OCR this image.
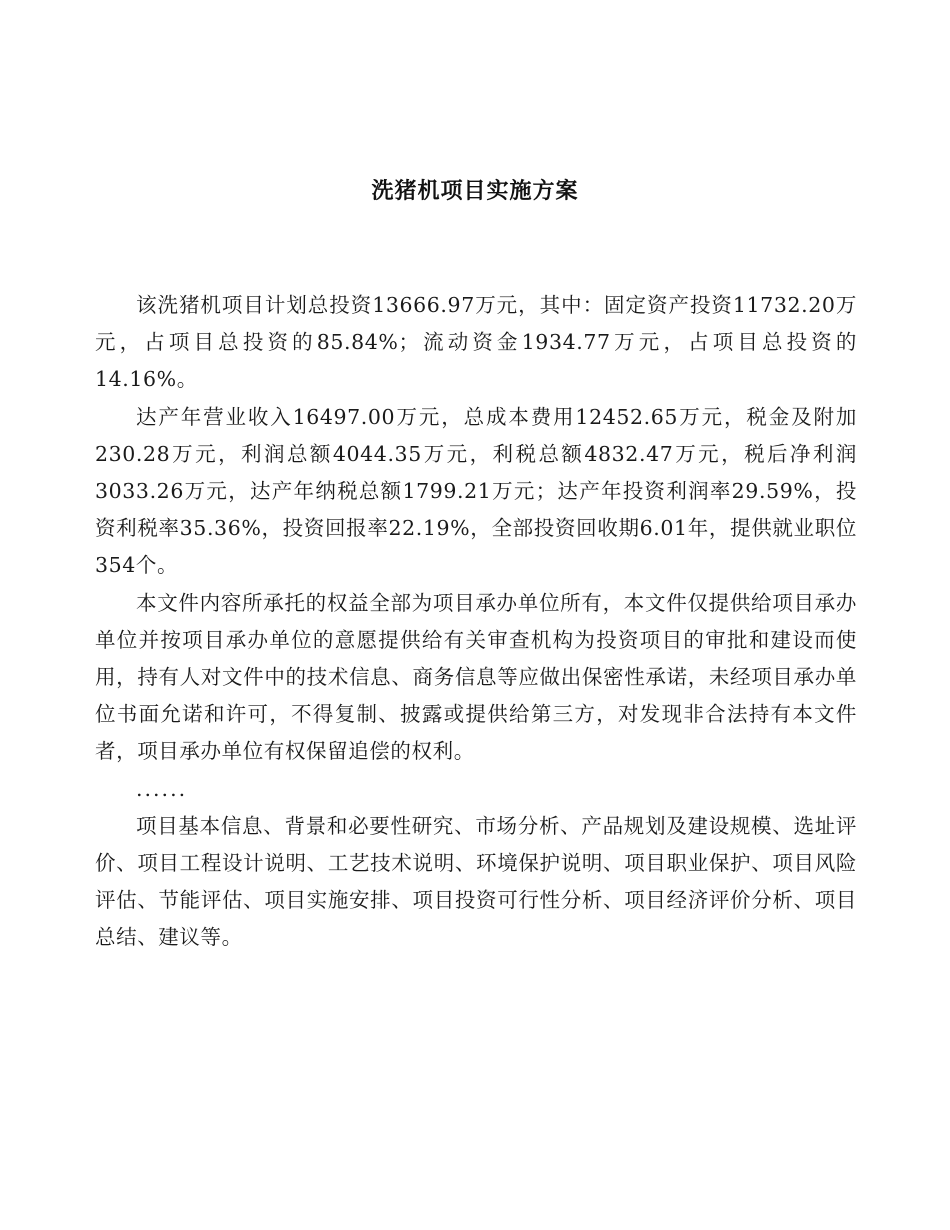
洗猪机项目实施方案

该洗猪机项目计划总投资13666.97万元，其中：固定资产投资11732.20万元，占项目总投资的85.84%；流动资金1934.77万元，占项目总投资的14.16%。

达产年营业收入16497.00万元，总成本费用12452.65万元，税金及附加230.28万元，利润总额4044.35万元，利税总额4832.47万元，税后净利润3033.26万元，达产年纳税总额1799.21万元；达产年投资利润率29.59%，投资利税率35.36%，投资回报率22.19%，全部投资回收期6.01年，提供就业职位354个。

本文件内容所承托的权益全部为项目承办单位所有，本文件仅提供给项目承办单位并按项目承办单位的意愿提供给有关审查机构为投资项目的审批和建设而使用，持有人对文件中的技术信息、商务信息等应做出保密性承诺，未经项目承办单位书面允诺和许可，不得复制、披露或提供给第三方，对发现非合法持有本文件者，项目承办单位有权保留追偿的权利。

......

项目基本信息、背景和必要性研究、市场分析、产品规划及建设规模、选址评价、项目工程设计说明、工艺技术说明、环境保护说明、项目职业保护、项目风险评估、节能评估、项目实施安排、项目投资可行性分析、项目经济评价分析、项目总结、建议等。
